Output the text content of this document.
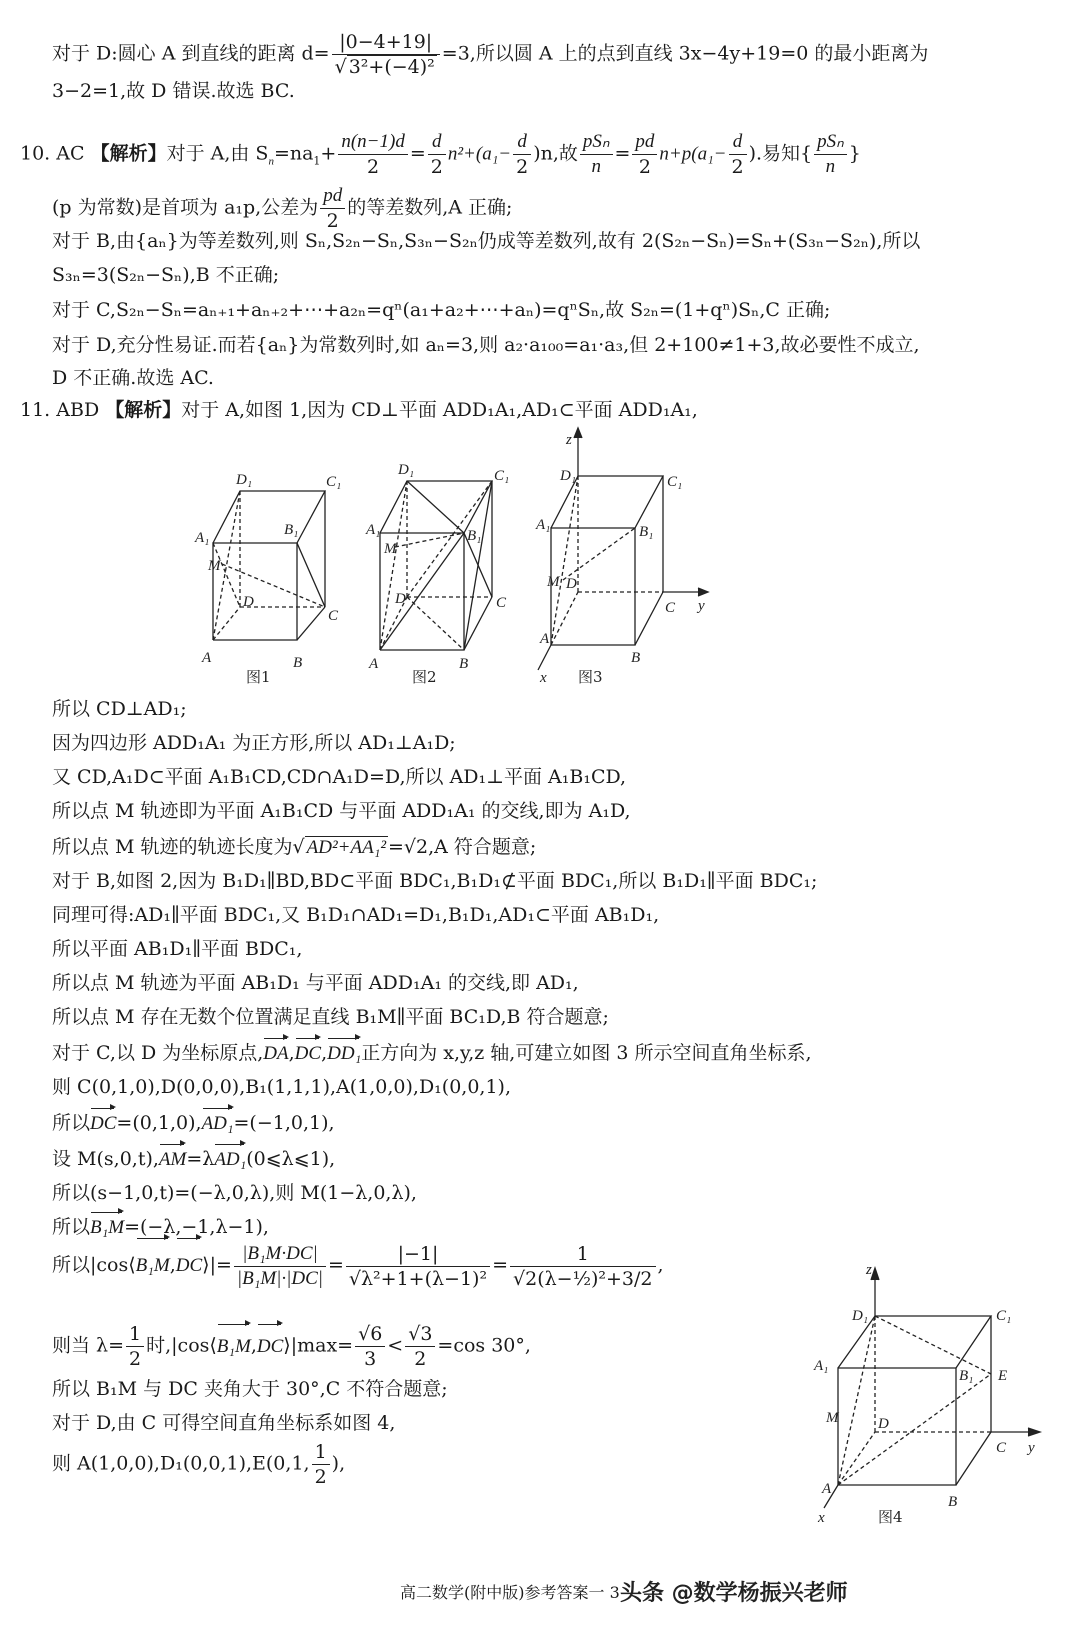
对于 D:圆心 A 到直线的距离 $d= \frac{|0-4+19|}{\text{√ 3²+(−4)²}} =3$,所以圆 A 上的点到直线 3x−4y+19=0 的最小距离为
3−2=1,故 D 错误.故选 BC.
10. AC 【解析】对于 A,由 $S_n=na_1+ \frac{n(n-1)d}{2} = \frac{d}{2} n^2+(a_1- \frac{d}{2} )n$,故 $\frac{\text{pSₙ}}{n} = \frac{pd}{2} n+p(a_1- \frac{d}{2}$ ).易知{ $\frac{\text{pSₙ}}{n}$ }
(p 为常数)是首项为 a₁p,公差为 $\frac{pd}{2}$ 的等差数列,A 正确;
对于 B,由{aₙ}为等差数列,则 Sₙ,S₂ₙ−Sₙ,S₃ₙ−S₂ₙ仍成等差数列,故有 2(S₂ₙ−Sₙ)=Sₙ+(S₃ₙ−S₂ₙ),所以
S₃ₙ=3(S₂ₙ−Sₙ),B 不正确;
对于 C,S₂ₙ−Sₙ=aₙ₊₁+aₙ₊₂+⋯+a₂ₙ=qⁿ(a₁+a₂+⋯+aₙ)=qⁿSₙ,故 S₂ₙ=(1+qⁿ)Sₙ,C 正确;
对于 D,充分性易证.而若{aₙ}为常数列时,如 aₙ=3,则 a₂·a₁₀₀=a₁·a₃,但 2+100≠1+3,故必要性不成立,
D 不正确.故选 AC.
11. ABD 【解析】对于 A,如图 1,因为 CD⊥平面 ADD₁A₁,AD₁⊂平面 ADD₁A₁,
D₁	C₁
A₁	B₁
M
D
C
A	B
图1
D₁	C₁
A₁	B₁
M
D	C
A	B
图2
z
D₁	C₁
A₁	B₁
M D
C y
A
B
x 图3
所以 CD⊥AD₁;
因为四边形 ADD₁A₁ 为正方形,所以 AD₁⊥A₁D;
又 CD,A₁D⊂平面 A₁B₁CD,CD∩A₁D=D,所以 AD₁⊥平面 A₁B₁CD,
所以点 M 轨迹即为平面 A₁B₁CD 与平面 ADD₁A₁ 的交线,即为 A₁D,
所以点 M 轨迹的轨迹长度为√ AD²+AA₁² =√2,A 符合题意;
对于 B,如图 2,因为 B₁D₁∥BD,BD⊂平面 BDC₁,B₁D₁⊄平面 BDC₁,所以 B₁D₁∥平面 BDC₁;
同理可得:AD₁∥平面 BDC₁,又 B₁D₁∩AD₁=D₁,B₁D₁,AD₁⊂平面 AB₁D₁,
所以平面 AB₁D₁∥平面 BDC₁,
所以点 M 轨迹为平面 AB₁D₁ 与平面 ADD₁A₁ 的交线,即 AD₁,
所以点 M 存在无数个位置满足直线 B₁M∥平面 BC₁D,B 符合题意;
对于 C,以 D 为坐标原点,DA,DC,DD₁正方向为 x,y,z 轴,可建立如图 3 所示空间直角坐标系,
则 C(0,1,0),D(0,0,0),B₁(1,1,1),A(1,0,0),D₁(0,0,1),
所以DC=(0,1,0),AD₁=(−1,0,1),
设 M(s,0,t),AM=λAD₁(0⩽λ⩽1),
所以(s−1,0,t)=(−λ,0,λ),则 M(1−λ,0,λ),
所以B₁M=(−λ,−1,λ−1),
所以|cos⟨B₁M,DC⟩|= $\frac{\text{|B₁M·DC|}}{\text{|B₁M|·|DC|}} = \frac{|-1|}{\text{√λ²+1+(λ−1)²}} = \frac{1}{\text{√2(λ−½)²+3/2}}$ ,
则当 $\lambda= \frac{1}{2}$ 时,|cos⟨B₁M,DC⟩|max= $\frac{√6}{3} < \frac{√3}{2} =\cos$ 30°,
所以 B₁M 与 DC 夹角大于 30°,C 不符合题意;
对于 D,由 C 可得空间直角坐标系如图 4,
则 A(1,0,0),D₁(0,0,1),E(0,1, $\frac{1}{2}$ ),
z
D₁	C₁
A₁
B₁ E
M	D
C y
A
B
x	图4
高二数学(附中版)参考答案一 3 头条 @数学杨振兴老师
